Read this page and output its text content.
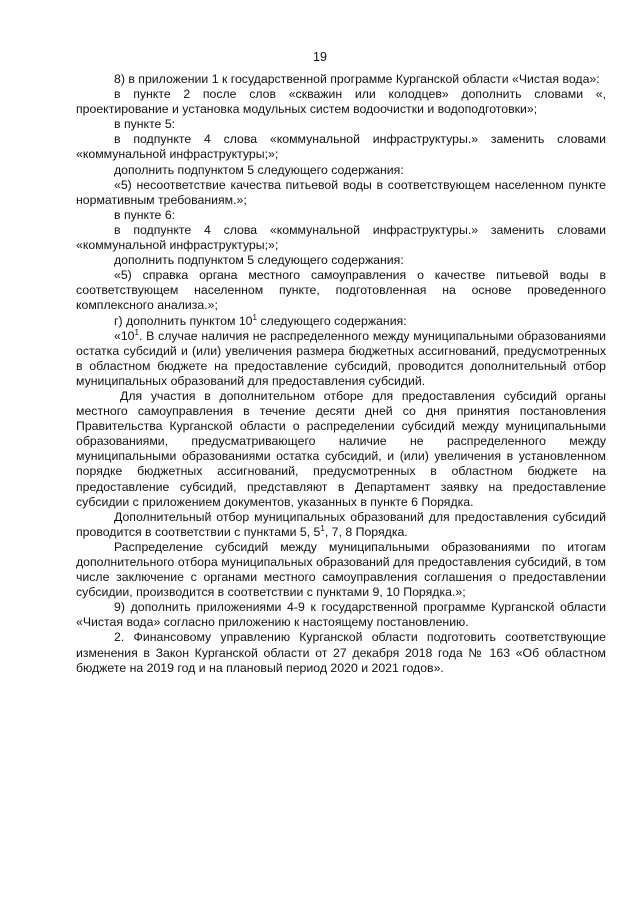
19

8) в приложении 1 к государственной программе Курганской области «Чистая вода»:

в пункте 2 после слов «скважин или колодцев» дополнить словами «, проектирование и установка модульных систем водоочистки и водоподготовки»;

в пункте 5:

в подпункте 4 слова «коммунальной инфраструктуры.» заменить словами «коммунальной инфраструктуры;»;

дополнить подпунктом 5 следующего содержания:

«5) несоответствие качества питьевой воды в соответствующем населенном пункте нормативным требованиям.»;

в пункте 6:

в подпункте 4 слова «коммунальной инфраструктуры.» заменить словами «коммунальной инфраструктуры;»;

дополнить подпунктом 5 следующего содержания:

«5) справка органа местного самоуправления о качестве питьевой воды в соответствующем населенном пункте, подготовленная на основе проведенного комплексного анализа.»;

г) дополнить пунктом $10^1$ следующего содержания:

«$10^1$. В случае наличия не распределенного между муниципальными образованиями остатка субсидий и (или) увеличения размера бюджетных ассигнований, предусмотренных в областном бюджете на предоставление субсидий, проводится дополнительный отбор муниципальных образований для предоставления субсидий.

Для участия в дополнительном отборе для предоставления субсидий органы местного самоуправления в течение десяти дней со дня принятия постановления Правительства Курганской области о распределении субсидий между муниципальными образованиями, предусматривающего наличие не распределенного между муниципальными образованиями остатка субсидий, и (или) увеличения в установленном порядке бюджетных ассигнований, предусмотренных в областном бюджете на предоставление субсидий, представляют в Департамент заявку на предоставление субсидии с приложением документов, указанных в пункте 6 Порядка.

Дополнительный отбор муниципальных образований для предоставления субсидий проводится в соответствии с пунктами 5, $5^1$, 7, 8 Порядка.

Распределение субсидий между муниципальными образованиями по итогам дополнительного отбора муниципальных образований для предоставления субсидий, в том числе заключение с органами местного самоуправления соглашения о предоставлении субсидии, производится в соответствии с пунктами 9, 10 Порядка.»;

9) дополнить приложениями 4-9 к государственной программе Курганской области «Чистая вода» согласно приложению к настоящему постановлению.

2. Финансовому управлению Курганской области подготовить соответствующие изменения в Закон Курганской области от 27 декабря 2018 года № 163 «Об областном бюджете на 2019 год и на плановый период 2020 и 2021 годов».
